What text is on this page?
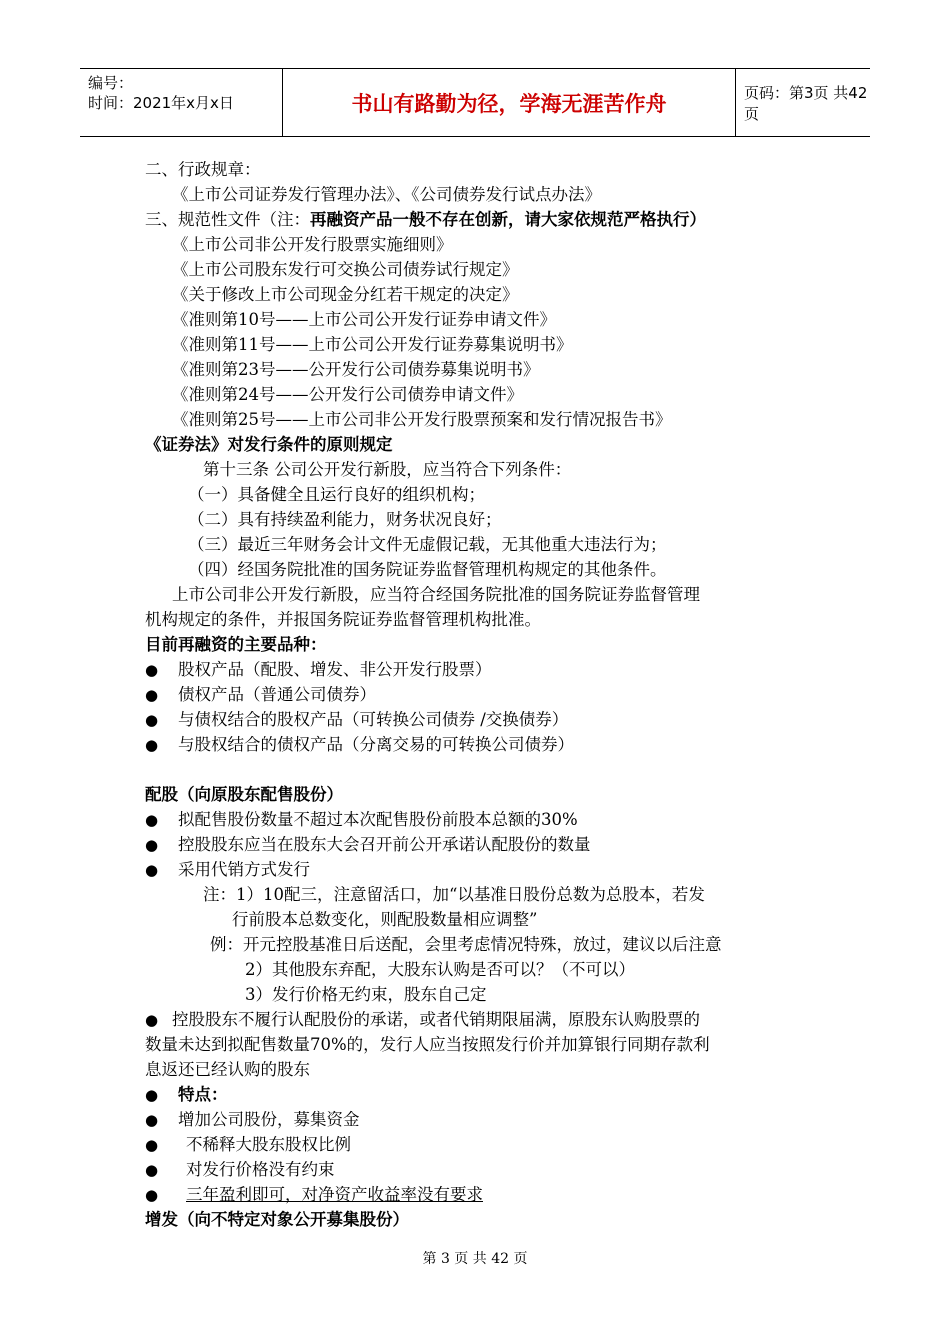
编号：
时间：2021年x月x日	书山有路勤为径，学海无涯苦作舟	页码：第3页 共42页
二、行政规章：
《上市公司证券发行管理办法》、《公司债券发行试点办法》
三、规范性文件（注：再融资产品一般不存在创新，请大家依规范严格执行）
《上市公司非公开发行股票实施细则》
《上市公司股东发行可交换公司债券试行规定》
《关于修改上市公司现金分红若干规定的决定》
《准则第10号——上市公司公开发行证券申请文件》
《准则第11号——上市公司公开发行证券募集说明书》
《准则第23号——公开发行公司债券募集说明书》
《准则第24号——公开发行公司债券申请文件》
《准则第25号——上市公司非公开发行股票预案和发行情况报告书》
《证券法》对发行条件的原则规定
第十三条 公司公开发行新股，应当符合下列条件：
（一）具备健全且运行良好的组织机构；
（二）具有持续盈利能力，财务状况良好；
（三）最近三年财务会计文件无虚假记载，无其他重大违法行为；
（四）经国务院批准的国务院证券监督管理机构规定的其他条件。
上市公司非公开发行新股，应当符合经国务院批准的国务院证券监督管理
机构规定的条件，并报国务院证券监督管理机构批准。
目前再融资的主要品种：
● 股权产品（配股、增发、非公开发行股票）
● 债权产品（普通公司债券）
● 与债权结合的股权产品（可转换公司债券 /交换债券）
● 与股权结合的债权产品（分离交易的可转换公司债券）
配股（向原股东配售股份）
● 拟配售股份数量不超过本次配售股份前股本总额的30%
● 控股股东应当在股东大会召开前公开承诺认配股份的数量
● 采用代销方式发行
注：1）10配三，注意留活口，加“以基准日股份总数为总股本，若发
行前股本总数变化，则配股数量相应调整”
例：开元控股基准日后送配，会里考虑情况特殊，放过，建议以后注意
2）其他股东弃配，大股东认购是否可以？（不可以）
3）发行价格无约束，股东自己定
● 控股股东不履行认配股份的承诺，或者代销期限届满，原股东认购股票的
数量未达到拟配售数量70%的，发行人应当按照发行价并加算银行同期存款利
息返还已经认购的股东
● 特点：
● 增加公司股份，募集资金
● 不稀释大股东股权比例
● 对发行价格没有约束
● 三年盈利即可，对净资产收益率没有要求
增发（向不特定对象公开募集股份）
第 3 页 共 42 页
